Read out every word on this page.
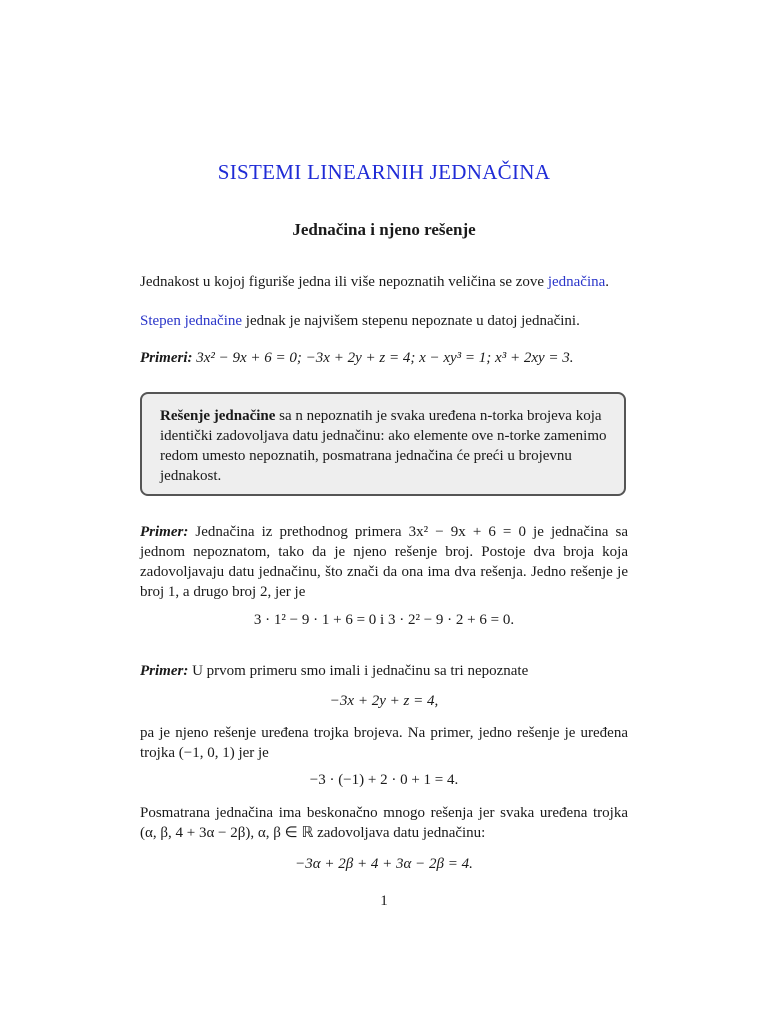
SISTEMI LINEARNIH JEDNAČINA
Jednačina i njeno rešenje
Jednakost u kojoj figuriše jedna ili više nepoznatih veličina se zove jednačina.
Stepen jednačine jednak je najvišem stepenu nepoznate u datoj jednačini.
Primeri: 3x² − 9x + 6 = 0; −3x + 2y + z = 4; x − xy³ = 1; x³ + 2xy = 3.
Rešenje jednačine sa n nepoznatih je svaka uređena n-torka brojeva koja identički zadovoljava datu jednačinu: ako elemente ove n-torke zamenimo redom umesto nepoznatih, posmatrana jednačina će preći u brojevnu jednakost.
Primer: Jednačina iz prethodnog primera 3x² − 9x + 6 = 0 je jednačina sa jednom nepoznatom, tako da je njeno rešenje broj. Postoje dva broja koja zadovoljavaju datu jednačinu, što znači da ona ima dva rešenja. Jedno rešenje je broj 1, a drugo broj 2, jer je
3 · 1² − 9 · 1 + 6 = 0 i 3 · 2² − 9 · 2 + 6 = 0.
Primer: U prvom primeru smo imali i jednačinu sa tri nepoznate
−3x + 2y + z = 4,
pa je njeno rešenje uređena trojka brojeva. Na primer, jedno rešenje je uređena trojka (−1, 0, 1) jer je
−3 · (−1) + 2 · 0 + 1 = 4.
Posmatrana jednačina ima beskonačno mnogo rešenja jer svaka uređena trojka (α, β, 4 + 3α − 2β), α, β ∈ ℝ zadovoljava datu jednačinu:
−3α + 2β + 4 + 3α − 2β = 4.
1
